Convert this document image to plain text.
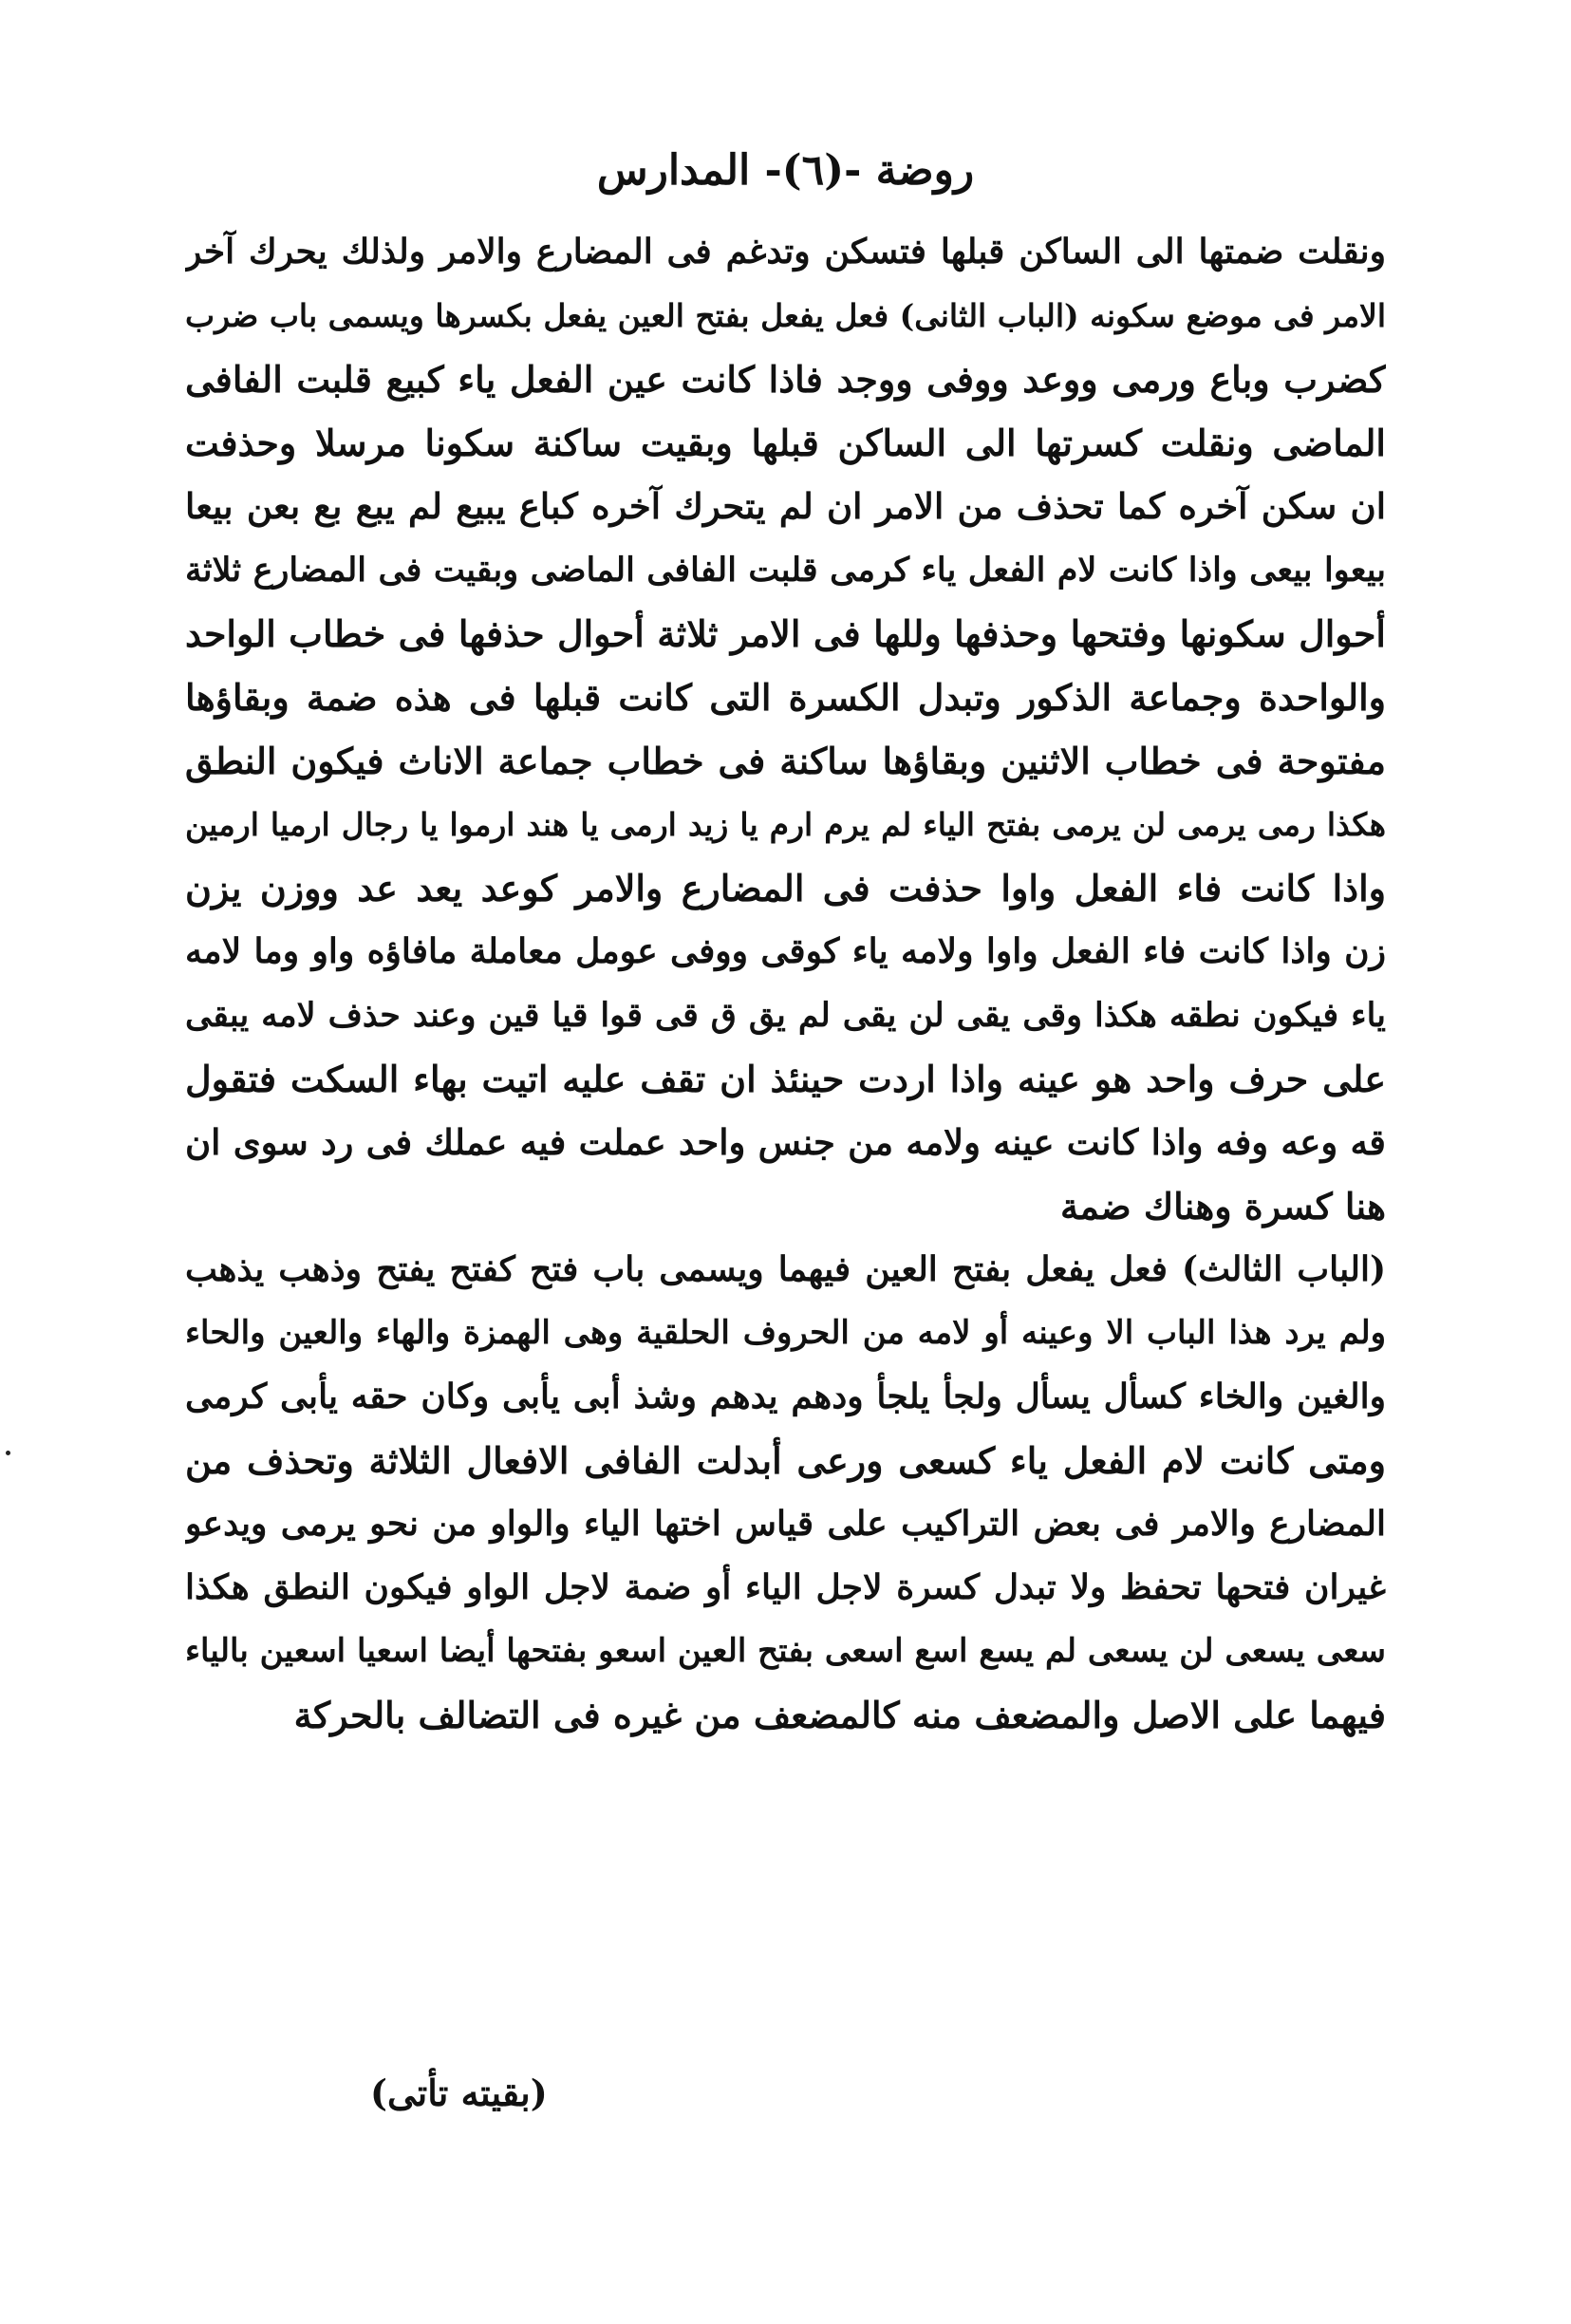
روضة -(٦)- المدارس
ونقلت ضمتها الى الساكن قبلها فتسكن وتدغم فى المضارع والامر ولذلك يحرك آخر
الامر فى موضع سكونه (الباب الثانى) فعل يفعل بفتح العين يفعل بكسرها ويسمى باب ضرب
كضرب وباع ورمى ووعد ووفى ووجد فاذا كانت عين الفعل ياء كبيع قلبت الفافى
الماضى ونقلت كسرتها الى الساكن قبلها وبقيت ساكنة سكونا مرسلا وحذفت
ان سكن آخره كما تحذف من الامر ان لم يتحرك آخره كباع يبيع لم يبع بع بعن بيعا
بيعوا بيعى واذا كانت لام الفعل ياء كرمى قلبت الفافى الماضى وبقيت فى المضارع ثلاثة
أحوال سكونها وفتحها وحذفها وللها فى الامر ثلاثة أحوال حذفها فى خطاب الواحد
والواحدة وجماعة الذكور وتبدل الكسرة التى كانت قبلها فى هذه ضمة وبقاؤها
مفتوحة فى خطاب الاثنين وبقاؤها ساكنة فى خطاب جماعة الاناث فيكون النطق
هكذا رمى يرمى لن يرمى بفتح الياء لم يرم ارم يا زيد ارمى يا هند ارموا يا رجال ارميا ارمين
واذا كانت فاء الفعل واوا حذفت فى المضارع والامر كوعد يعد عد ووزن يزن
زن واذا كانت فاء الفعل واوا ولامه ياء كوقى ووفى عومل معاملة مافاؤه واو وما لامه
ياء فيكون نطقه هكذا وقى يقى لن يقى لم يق ق قى قوا قيا قين وعند حذف لامه يبقى
على حرف واحد هو عينه واذا اردت حينئذ ان تقف عليه اتيت بهاء السكت فتقول
قه وعه وفه واذا كانت عينه ولامه من جنس واحد عملت فيه عملك فى رد سوى ان
هنا كسرة وهناك ضمة
(الباب الثالث) فعل يفعل بفتح العين فيهما ويسمى باب فتح كفتح يفتح وذهب يذهب
ولم يرد هذا الباب الا وعينه أو لامه من الحروف الحلقية وهى الهمزة والهاء والعين والحاء
والغين والخاء كسأل يسأل ولجأ يلجأ ودهم يدهم وشذ أبى يأبى وكان حقه يأبى كرمى
ومتى كانت لام الفعل ياء كسعى ورعى أبدلت الفافى الافعال الثلاثة وتحذف من
المضارع والامر فى بعض التراكيب على قياس اختها الياء والواو من نحو يرمى ويدعو
غيران فتحها تحفظ ولا تبدل كسرة لاجل الياء أو ضمة لاجل الواو فيكون النطق هكذا
سعى يسعى لن يسعى لم يسع اسع اسعى بفتح العين اسعو بفتحها أيضا اسعيا اسعين بالياء
فيهما على الاصل والمضعف منه كالمضعف من غيره فى التضالف بالحركة
(بقيته تأتى)
